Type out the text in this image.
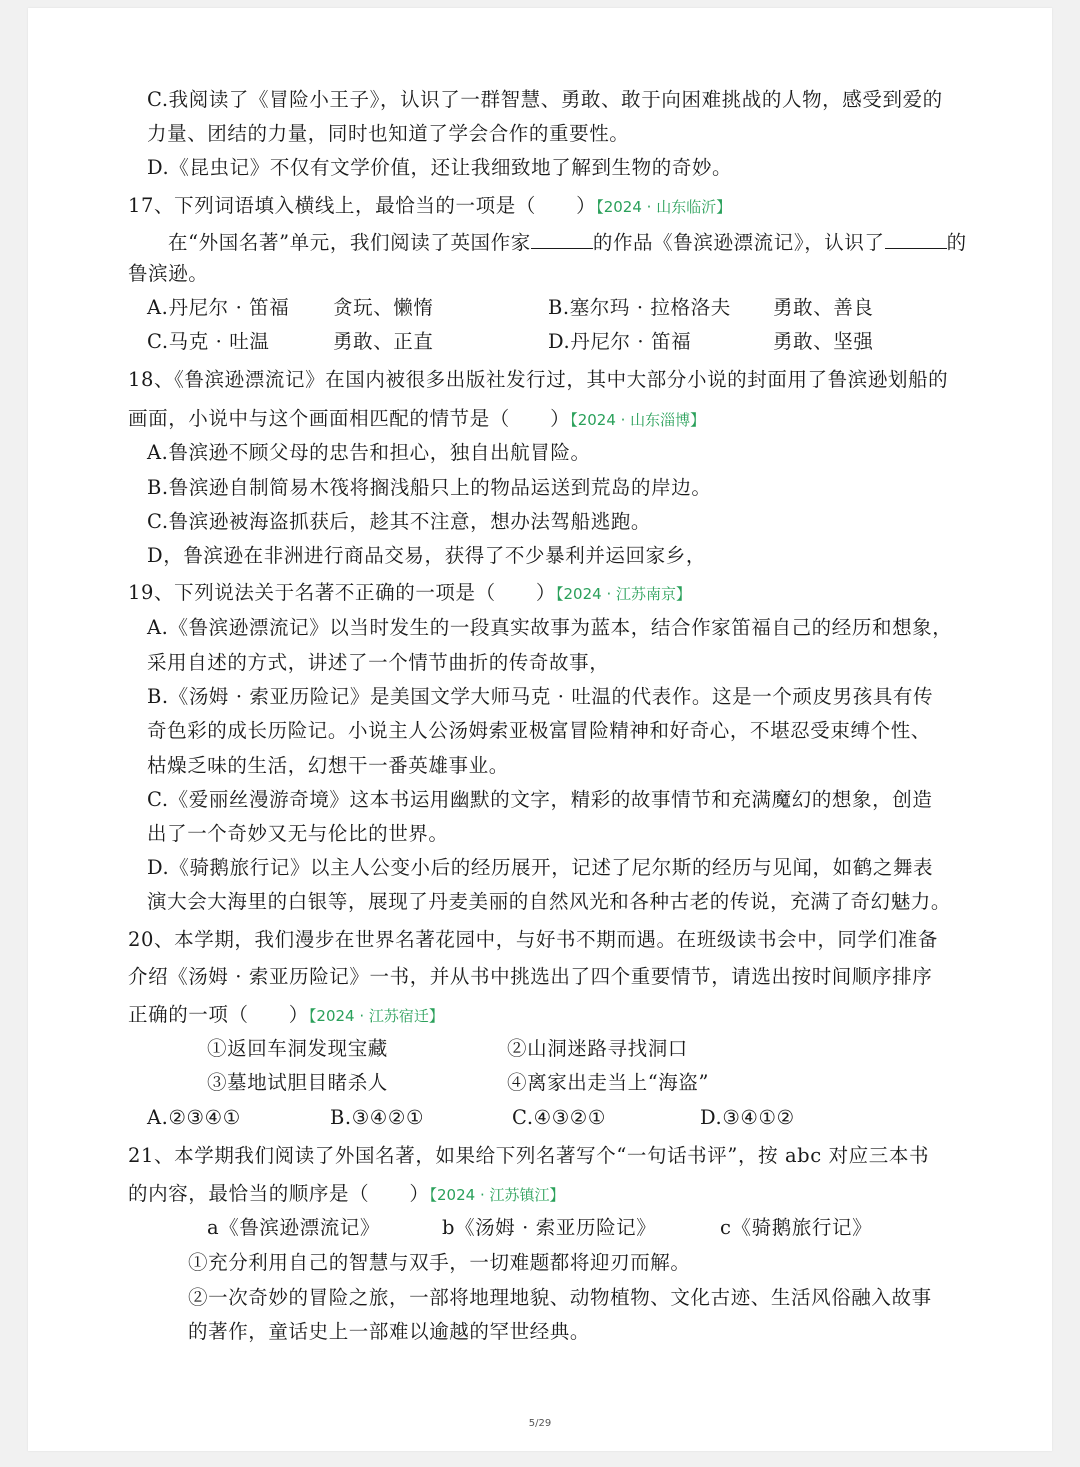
C.我阅读了《冒险小王子》，认识了一群智慧、勇敢、敢于向困难挑战的人物，感受到爱的
力量、团结的力量，同时也知道了学会合作的重要性。
D.《昆虫记》不仅有文学价值，还让我细致地了解到生物的奇妙。
17、下列词语填入横线上，最恰当的一项是（　　）【2024 · 山东临沂】
在“外国名著”单元，我们阅读了英国作家	的作品《鲁滨逊漂流记》，认识了	的
鲁滨逊。
A.丹尼尔 · 笛福 贪玩、懒惰	B.塞尔玛 · 拉格洛夫 勇敢、善良
C.马克 · 吐温	勇敢、正直	D.丹尼尔 · 笛福	勇敢、坚强
18、《鲁滨逊漂流记》在国内被很多出版社发行过，其中大部分小说的封面用了鲁滨逊划船的
画面，小说中与这个画面相匹配的情节是（　　）【2024 · 山东淄博】
A.鲁滨逊不顾父母的忠告和担心，独自出航冒险。
B.鲁滨逊自制简易木筏将搁浅船只上的物品运送到荒岛的岸边。
C.鲁滨逊被海盗抓获后，趁其不注意，想办法驾船逃跑。
D，鲁滨逊在非洲进行商品交易，获得了不少暴利并运回家乡，
19、下列说法关于名著不正确的一项是（　　）【2024 · 江苏南京】
A.《鲁滨逊漂流记》以当时发生的一段真实故事为蓝本，结合作家笛福自己的经历和想象，
采用自述的方式，讲述了一个情节曲折的传奇故事，
B.《汤姆 · 索亚历险记》是美国文学大师马克 · 吐温的代表作。这是一个顽皮男孩具有传
奇色彩的成长历险记。小说主人公汤姆索亚极富冒险精神和好奇心，不堪忍受束缚个性、
枯燥乏味的生活，幻想干一番英雄事业。
C.《爱丽丝漫游奇境》这本书运用幽默的文字，精彩的故事情节和充满魔幻的想象，创造
出了一个奇妙又无与伦比的世界。
D.《骑鹅旅行记》以主人公变小后的经历展开，记述了尼尔斯的经历与见闻，如鹤之舞表
演大会大海里的白银等，展现了丹麦美丽的自然风光和各种古老的传说，充满了奇幻魅力。
20、本学期，我们漫步在世界名著花园中，与好书不期而遇。在班级读书会中，同学们准备
介绍《汤姆 · 索亚历险记》一书，并从书中挑选出了四个重要情节，请选出按时间顺序排序
正确的一项（　　）【2024 · 江苏宿迁】
①返回车洞发现宝藏	②山洞迷路寻找洞口
③墓地试胆目睹杀人	④离家出走当上“海盗”
A.②③④①	B.③④②①	C.④③②①	D.③④①②
21、本学期我们阅读了外国名著，如果给下列名著写个“一句话书评”，按 abc 对应三本书
的内容，最恰当的顺序是（　　）【2024 · 江苏镇江】
a《鲁滨逊漂流记》	b《汤姆 · 索亚历险记》	c《骑鹅旅行记》
①充分利用自己的智慧与双手，一切难题都将迎刃而解。
②一次奇妙的冒险之旅，一部将地理地貌、动物植物、文化古迹、生活风俗融入故事
的著作，童话史上一部难以逾越的罕世经典。
5/29
